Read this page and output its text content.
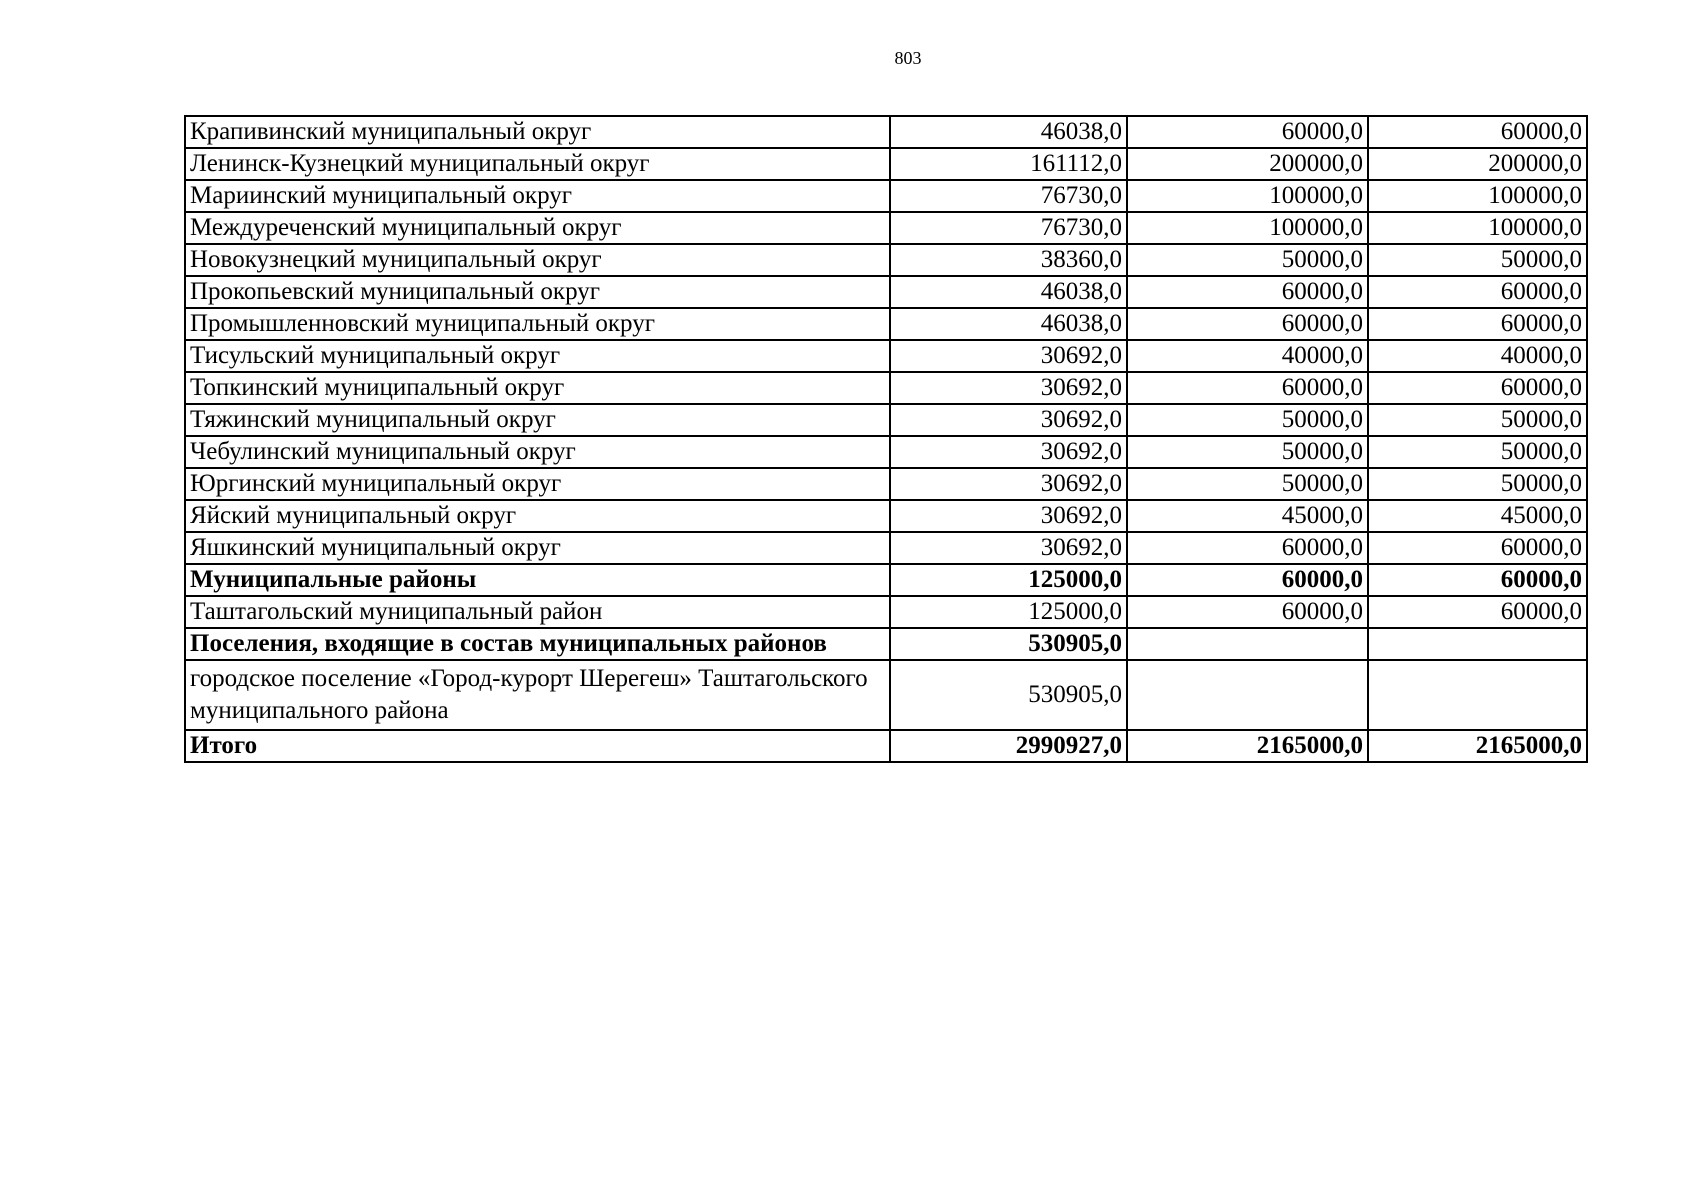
803
Крапивинский муниципальный округ	46038,0	60000,0	60000,0
Ленинск-Кузнецкий муниципальный округ	161112,0	200000,0	200000,0
Мариинский муниципальный округ	76730,0	100000,0	100000,0
Междуреченский муниципальный округ	76730,0	100000,0	100000,0
Новокузнецкий муниципальный округ	38360,0	50000,0	50000,0
Прокопьевский муниципальный округ	46038,0	60000,0	60000,0
Промышленновский муниципальный округ	46038,0	60000,0	60000,0
Тисульский муниципальный округ	30692,0	40000,0	40000,0
Топкинский муниципальный округ	30692,0	60000,0	60000,0
Тяжинский муниципальный округ	30692,0	50000,0	50000,0
Чебулинский муниципальный округ	30692,0	50000,0	50000,0
Юргинский муниципальный округ	30692,0	50000,0	50000,0
Яйский муниципальный округ	30692,0	45000,0	45000,0
Яшкинский муниципальный округ	30692,0	60000,0	60000,0
Муниципальные районы	125000,0	60000,0	60000,0
Таштагольский муниципальный район	125000,0	60000,0	60000,0
Поселения, входящие в состав муниципальных районов	530905,0		
городское поселение «Город-курорт Шерегеш» Таштагольского муниципального района	530905,0		
Итого	2990927,0	2165000,0	2165000,0
